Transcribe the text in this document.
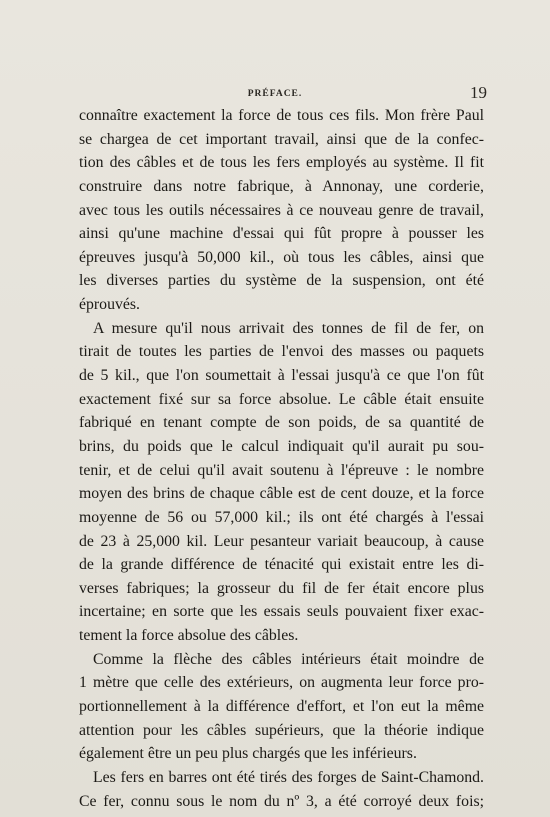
PRÉFACE.	19
connaître exactement la force de tous ces fils. Mon frère Paul
se chargea de cet important travail, ainsi que de la confec-
tion des câbles et de tous les fers employés au système. Il fit
construire dans notre fabrique, à Annonay, une corderie,
avec tous les outils nécessaires à ce nouveau genre de travail,
ainsi qu'une machine d'essai qui fût propre à pousser les
épreuves jusqu'à 50,000 kil., où tous les câbles, ainsi que
les diverses parties du système de la suspension, ont été
éprouvés.
A mesure qu'il nous arrivait des tonnes de fil de fer, on
tirait de toutes les parties de l'envoi des masses ou paquets
de 5 kil., que l'on soumettait à l'essai jusqu'à ce que l'on fût
exactement fixé sur sa force absolue. Le câble était ensuite
fabriqué en tenant compte de son poids, de sa quantité de
brins, du poids que le calcul indiquait qu'il aurait pu sou-
tenir, et de celui qu'il avait soutenu à l'épreuve : le nombre
moyen des brins de chaque câble est de cent douze, et la force
moyenne de 56 ou 57,000 kil.; ils ont été chargés à l'essai
de 23 à 25,000 kil. Leur pesanteur variait beaucoup, à cause
de la grande différence de ténacité qui existait entre les di-
verses fabriques; la grosseur du fil de fer était encore plus
incertaine; en sorte que les essais seuls pouvaient fixer exac-
tement la force absolue des câbles.
Comme la flèche des câbles intérieurs était moindre de
1 mètre que celle des extérieurs, on augmenta leur force pro-
portionnellement à la différence d'effort, et l'on eut la même
attention pour les câbles supérieurs, que la théorie indique
également être un peu plus chargés que les inférieurs.
Les fers en barres ont été tirés des forges de Saint-Chamond.
Ce fer, connu sous le nom du nº 3, a été corroyé deux fois;
